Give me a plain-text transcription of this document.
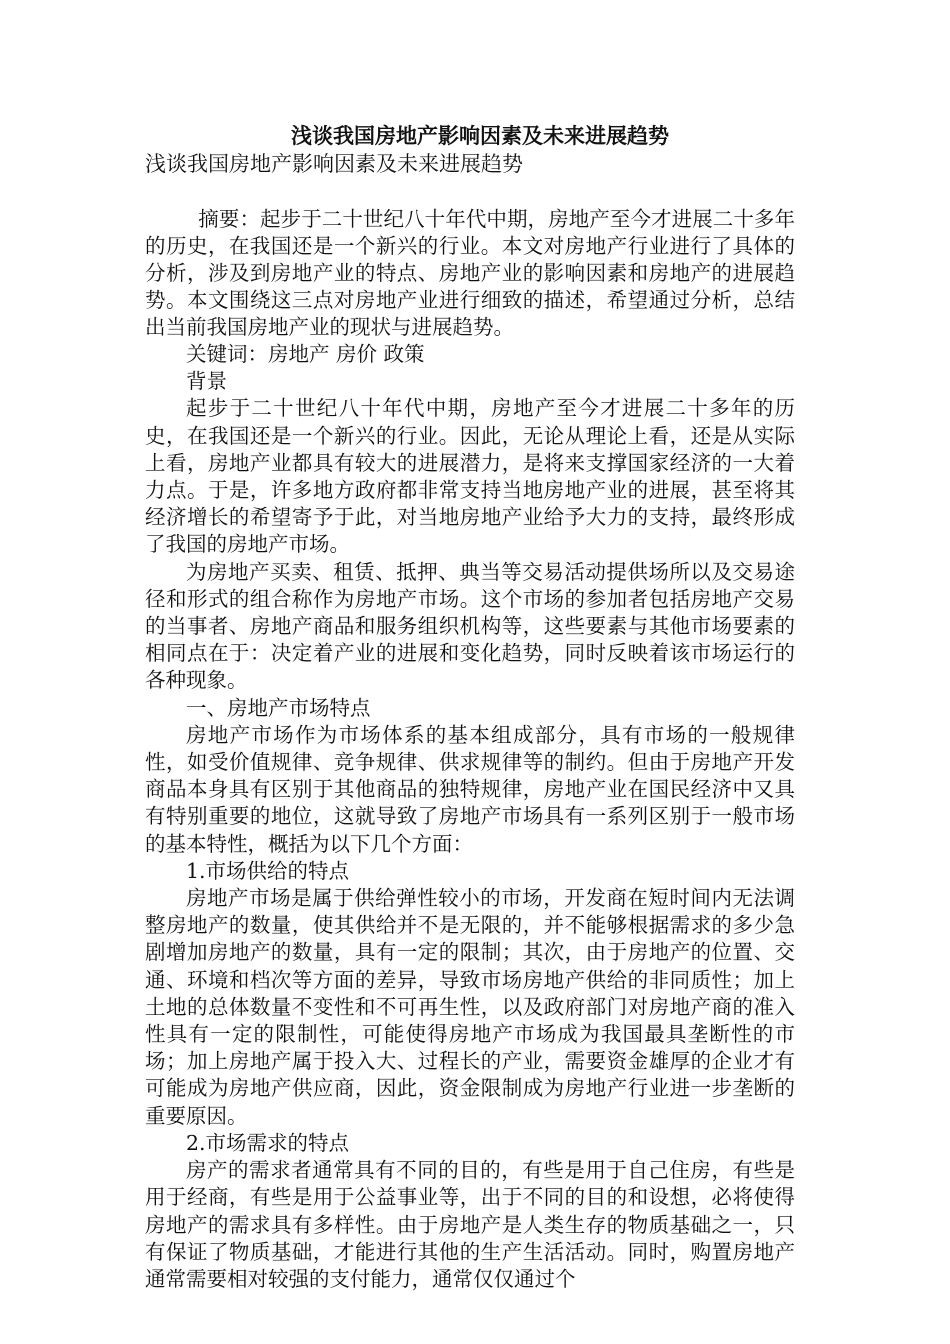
浅谈我国房地产影响因素及未来进展趋势

浅谈我国房地产影响因素及未来进展趋势

摘要：起步于二十世纪八十年代中期，房地产至今才进展二十多年的历史，在我国还是一个新兴的行业。本文对房地产行业进行了具体的分析，涉及到房地产业的特点、房地产业的影响因素和房地产的进展趋势。本文围绕这三点对房地产业进行细致的描述，希望通过分析，总结出当前我国房地产业的现状与进展趋势。

关键词：房地产 房价 政策

背景

起步于二十世纪八十年代中期，房地产至今才进展二十多年的历史，在我国还是一个新兴的行业。因此，无论从理论上看，还是从实际上看，房地产业都具有较大的进展潜力，是将来支撑国家经济的一大着力点。于是，许多地方政府都非常支持当地房地产业的进展，甚至将其经济增长的希望寄予于此，对当地房地产业给予大力的支持，最终形成了我国的房地产市场。

为房地产买卖、租赁、抵押、典当等交易活动提供场所以及交易途径和形式的组合称作为房地产市场。这个市场的参加者包括房地产交易的当事者、房地产商品和服务组织机构等，这些要素与其他市场要素的相同点在于：决定着产业的进展和变化趋势，同时反映着该市场运行的各种现象。

一、房地产市场特点

房地产市场作为市场体系的基本组成部分，具有市场的一般规律性，如受价值规律、竞争规律、供求规律等的制约。但由于房地产开发商品本身具有区别于其他商品的独特规律，房地产业在国民经济中又具有特别重要的地位，这就导致了房地产市场具有一系列区别于一般市场的基本特性，概括为以下几个方面：

1.市场供给的特点

房地产市场是属于供给弹性较小的市场，开发商在短时间内无法调整房地产的数量，使其供给并不是无限的，并不能够根据需求的多少急剧增加房地产的数量，具有一定的限制；其次，由于房地产的位置、交通、环境和档次等方面的差异，导致市场房地产供给的非同质性；加上土地的总体数量不变性和不可再生性，以及政府部门对房地产商的准入性具有一定的限制性，可能使得房地产市场成为我国最具垄断性的市场；加上房地产属于投入大、过程长的产业，需要资金雄厚的企业才有可能成为房地产供应商，因此，资金限制成为房地产行业进一步垄断的重要原因。

2.市场需求的特点

房产的需求者通常具有不同的目的，有些是用于自己住房，有些是用于经商，有些是用于公益事业等，出于不同的目的和设想，必将使得房地产的需求具有多样性。由于房地产是人类生存的物质基础之一，只有保证了物质基础，才能进行其他的生产生活活动。同时，购置房地产通常需要相对较强的支付能力，通常仅仅通过个
